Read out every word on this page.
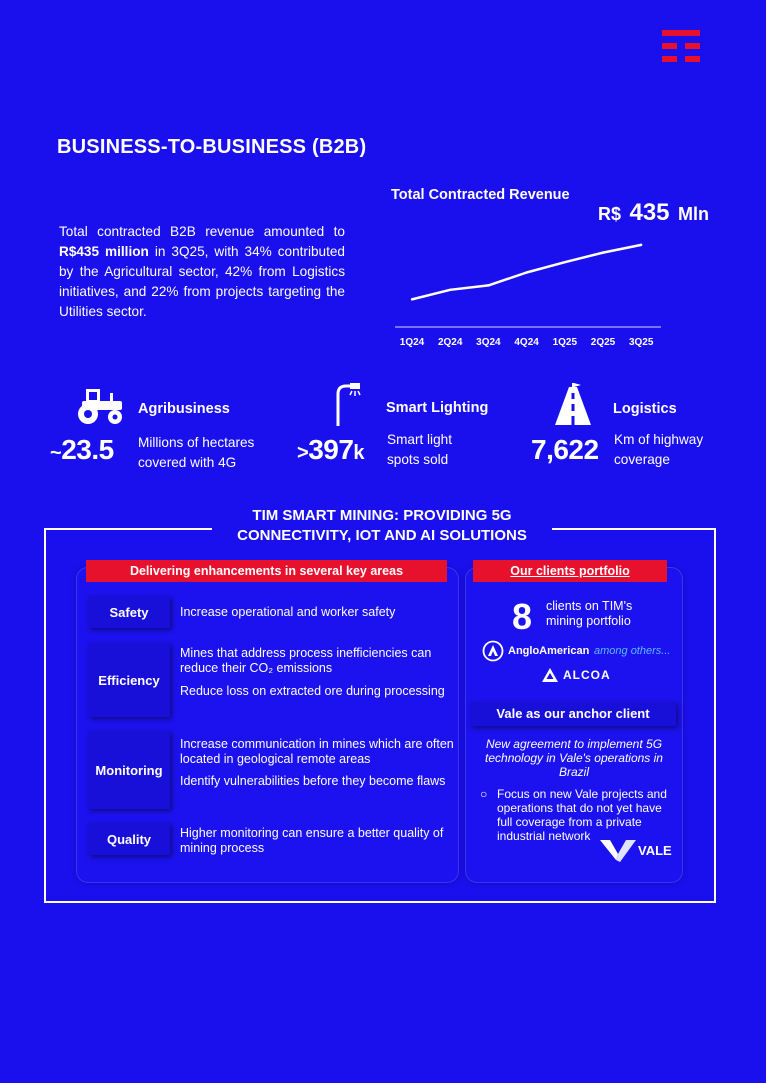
BUSINESS-TO-BUSINESS (B2B)
Total contracted B2B revenue amounted to R$435 million in 3Q25, with 34% contributed by the Agricultural sector, 42% from Logistics initiatives, and 22% from projects targeting the Utilities sector.
Total Contracted Revenue
R$ 435 Mln
1Q24 2Q24 3Q24 4Q24 1Q25 2Q25 3Q25
Agribusiness
~23.5 Millions of hectares
covered with 4G
Smart Lighting
>397k
Smart light
spots sold
Logistics
7,622 Km of highway
coverage
TIM SMART MINING: PROVIDING 5G
CONNECTIVITY, IOT AND AI SOLUTIONS
Delivering enhancements in several key areas
Safety	Increase operational and worker safety
Efficiency
Mines that address process inefficiencies can reduce their CO₂ emissions
Reduce loss on extracted ore during processing
Monitoring
Increase communication in mines which are often located in geological remote areas
Identify vulnerabilities before they become flaws
Quality	Higher monitoring can ensure a better quality of mining process
Our clients portfolio
8 clients on TIM's mining portfolio
AngloAmerican among others...
ALCOA
Vale as our anchor client
New agreement to implement 5G technology in Vale's operations in Brazil
○ Focus on new Vale projects and operations that do not yet have full coverage from a private industrial network
VALE
